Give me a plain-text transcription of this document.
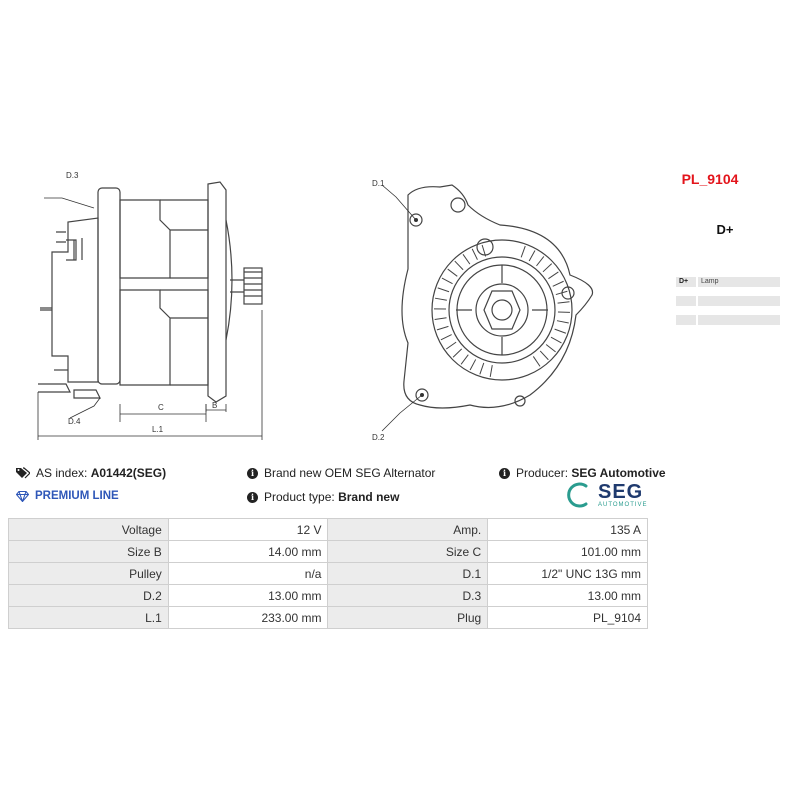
D.3
D.4
C	B
L.1
D.1
D.2
PL_9104
D+
D+	Lamp
AS index:
A01442(SEG)	i Brand new OEM SEG Alternator	i Producer:
SEG Automotive
PREMIUM LINE	i Product type:
Brand new	SEG
AUTOMOTIVE
Voltage	12 V	Amp.	135 A
Size B	14.00 mm	Size C	101.00 mm
Pulley	n/a	D.1	1/2" UNC 13G mm
D.2	13.00 mm	D.3	13.00 mm
L.1	233.00 mm	Plug	PL_9104
